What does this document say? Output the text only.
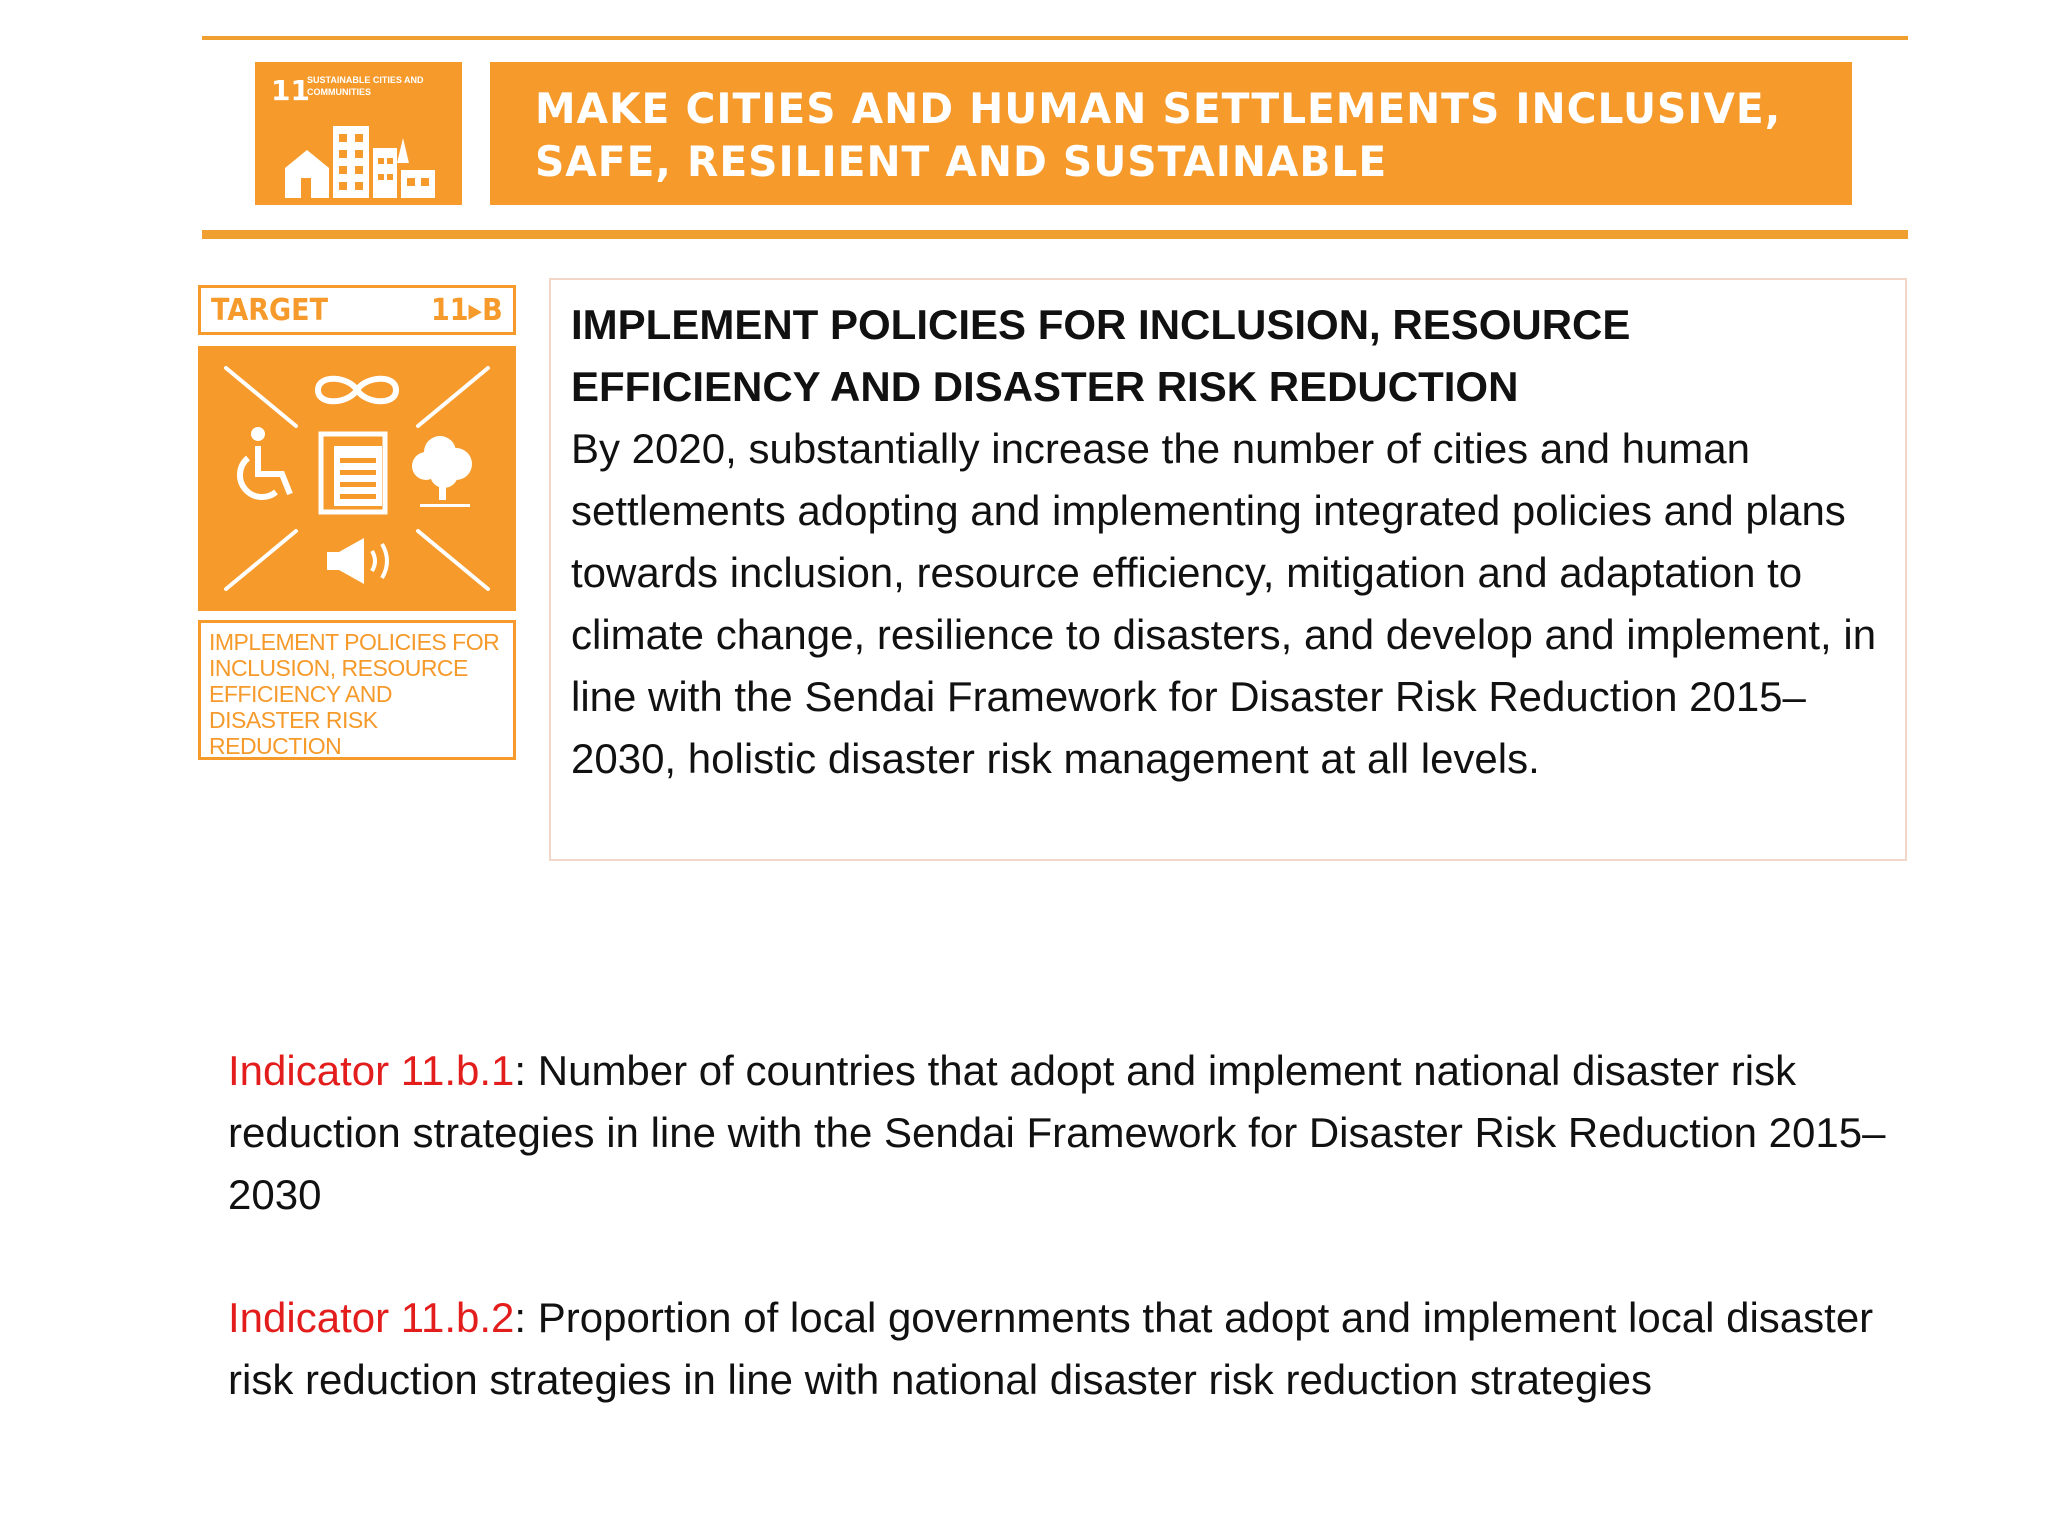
11
SUSTAINABLE CITIES AND COMMUNITIES	MAKE CITIES AND HUMAN SETTLEMENTS INCLUSIVE,
SAFE, RESILIENT AND SUSTAINABLE
TARGET	11▸B
IMPLEMENT POLICIES FOR INCLUSION, RESOURCE EFFICIENCY AND DISASTER RISK REDUCTION
IMPLEMENT POLICIES FOR INCLUSION, RESOURCE EFFICIENCY AND DISASTER RISK REDUCTION
By 2020, substantially increase the number of cities and human settlements adopting and implementing integrated policies and plans towards inclusion, resource efficiency, mitigation and adaptation to climate change, resilience to disasters, and develop and implement, in line with the Sendai Framework for Disaster Risk Reduction 2015–2030, holistic disaster risk management at all levels.
Indicator 11.b.1: Number of countries that adopt and implement national disaster risk reduction strategies in line with the Sendai Framework for Disaster Risk Reduction 2015–2030
Indicator 11.b.2: Proportion of local governments that adopt and implement local disaster risk reduction strategies in line with national disaster risk reduction strategies
